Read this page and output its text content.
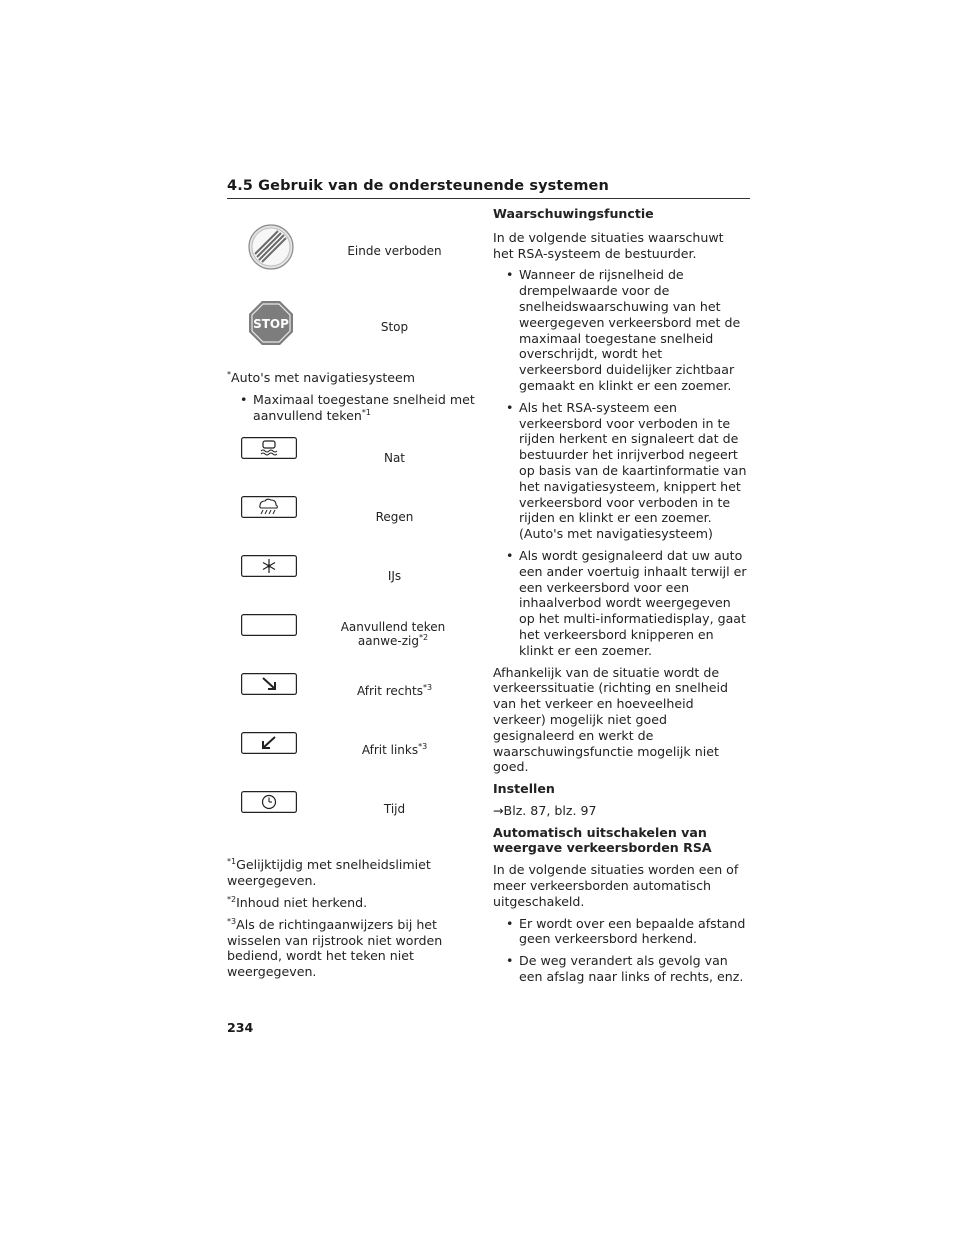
4.5 Gebruik van de ondersteunende systemen
Einde verboden
STOP	Stop

*Auto's met navigatiesysteem

• Maximaal toegestane snelheid met aanvullend teken$^{*1}$

Nat
Regen
IJs
Aanvullend teken aanwe-zig$^{*2}$
Afrit rechts$^{*3}$
Afrit links$^{*3}$
Tijd

$^{*1}$Gelijktijdig met snelheidslimiet weergegeven.

$^{*2}$Inhoud niet herkend.

$^{*3}$Als de richtingaanwijzers bij het wisselen van rijstrook niet worden bediend, wordt het teken niet weergegeven.

Waarschuwingsfunctie

In de volgende situaties waarschuwt het RSA-systeem de bestuurder.

• Wanneer de rijsnelheid de drempelwaarde voor de snelheidswaarschuwing van het weergegeven verkeersbord met de maximaal toegestane snelheid overschrijdt, wordt het verkeersbord duidelijker zichtbaar gemaakt en klinkt er een zoemer.

• Als het RSA-systeem een verkeersbord voor verboden in te rijden herkent en signaleert dat de bestuurder het inrijverbod negeert op basis van de kaartinformatie van het navigatiesysteem, knippert het verkeersbord voor verboden in te rijden en klinkt er een zoemer. (Auto's met navigatiesysteem)

• Als wordt gesignaleerd dat uw auto een ander voertuig inhaalt terwijl er een verkeersbord voor een inhaalverbod wordt weergegeven op het multi-informatiedisplay, gaat het verkeersbord knipperen en klinkt er een zoemer.

Afhankelijk van de situatie wordt de verkeerssituatie (richting en snelheid van het verkeer en hoeveelheid verkeer) mogelijk niet goed gesignaleerd en werkt de waarschuwingsfunctie mogelijk niet goed.

Instellen

→Blz. 87, blz. 97

Automatisch uitschakelen van weergave verkeersborden RSA

In de volgende situaties worden een of meer verkeersborden automatisch uitgeschakeld.

• Er wordt over een bepaalde afstand geen verkeersbord herkend.

• De weg verandert als gevolg van een afslag naar links of rechts, enz.

234
